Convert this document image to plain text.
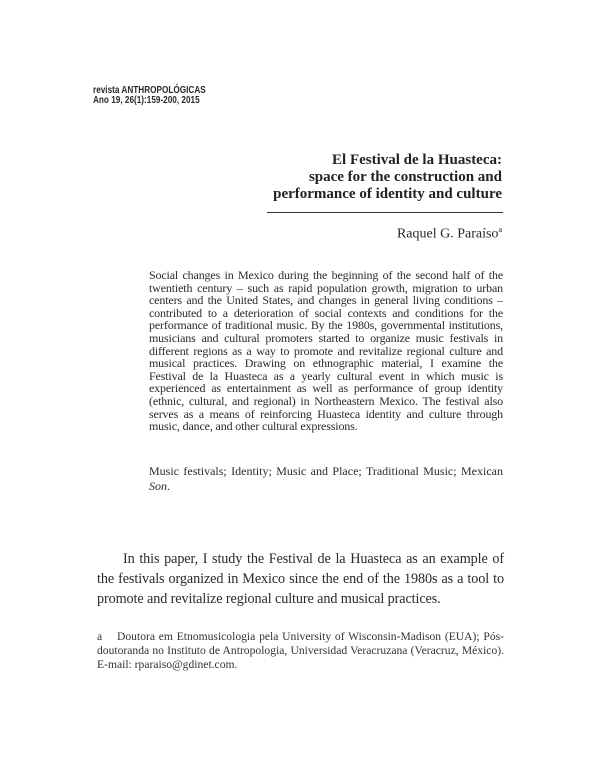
revista ANTHROPOLÓGICAS
Ano 19, 26(1):159-200, 2015
El Festival de la Huasteca:
space for the construction and
performance of identity and culture
Raquel G. Paraíso$^a$
Social changes in Mexico during the beginning of the second half of the twentieth century – such as rapid population growth, migration to urban centers and the United States, and changes in general living conditions – contributed to a deterioration of social contexts and conditions for the performance of traditional music. By the 1980s, governmental institutions, musicians and cultural promoters started to organize music festivals in different regions as a way to promote and revitalize regional culture and musical practices. Drawing on ethnographic material, I examine the Festival de la Huasteca as a yearly cultural event in which music is experienced as entertainment as well as performance of group identity (ethnic, cultural, and regional) in Northeastern Mexico. The festival also serves as a means of reinforcing Huasteca identity and culture through music, dance, and other cultural expressions.
Music festivals; Identity; Music and Place; Traditional Music; Mexican Son.
In this paper, I study the Festival de la Huasteca as an example of the festivals organized in Mexico since the end of the 1980s as a tool to promote and revitalize regional culture and musical practices.
a Doutora em Etnomusicologia pela University of Wisconsin-Madison (EUA); Pós-doutoranda no Instituto de Antropologia, Universidad Veracruzana (Veracruz, México). E-mail: rparaiso@gdinet.com.
